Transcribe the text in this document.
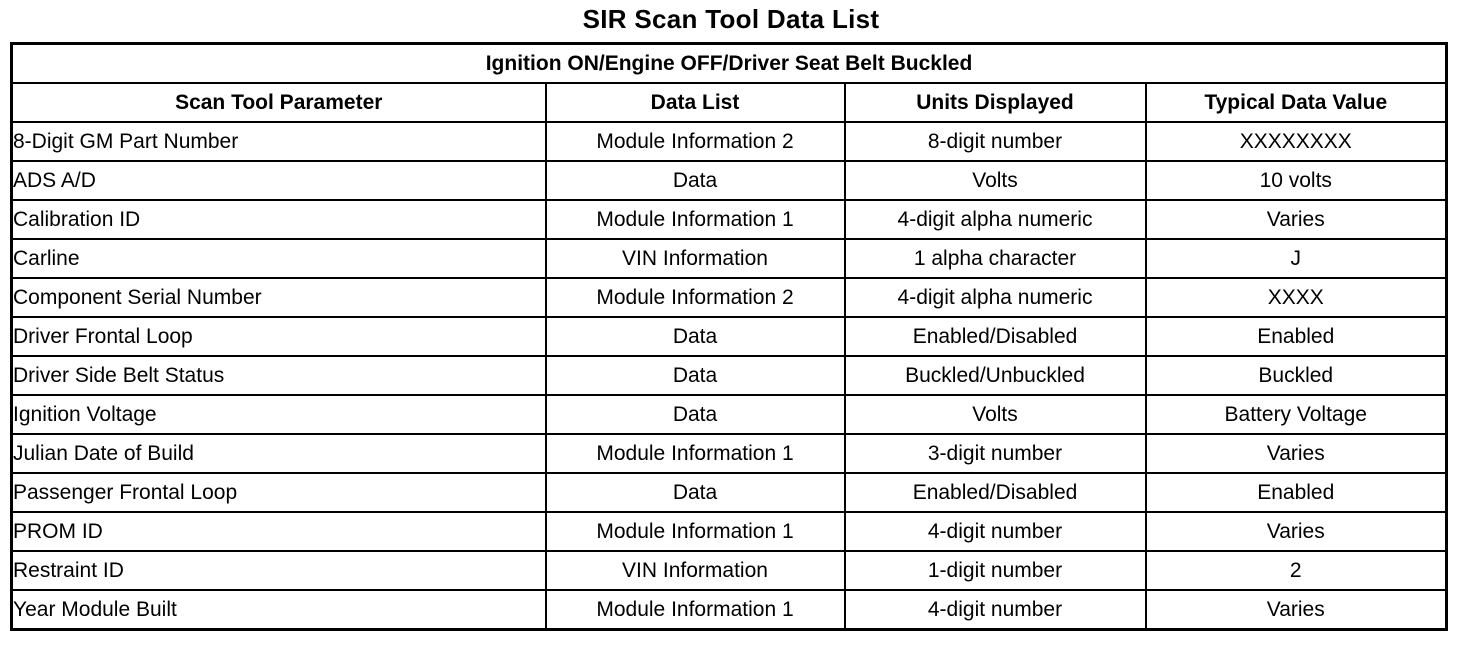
SIR Scan Tool Data List
Ignition ON/Engine OFF/Driver Seat Belt Buckled			
Scan Tool Parameter	Data List	Units Displayed	Typical Data Value
8-Digit GM Part Number	Module Information 2	8-digit number	XXXXXXXX
ADS A/D	Data	Volts	10 volts
Calibration ID	Module Information 1	4-digit alpha numeric	Varies
Carline	VIN Information	1 alpha character	J
Component Serial Number	Module Information 2	4-digit alpha numeric	XXXX
Driver Frontal Loop	Data	Enabled/Disabled	Enabled
Driver Side Belt Status	Data	Buckled/Unbuckled	Buckled
Ignition Voltage	Data	Volts	Battery Voltage
Julian Date of Build	Module Information 1	3-digit number	Varies
Passenger Frontal Loop	Data	Enabled/Disabled	Enabled
PROM ID	Module Information 1	4-digit number	Varies
Restraint ID	VIN Information	1-digit number	2
Year Module Built	Module Information 1	4-digit number	Varies
